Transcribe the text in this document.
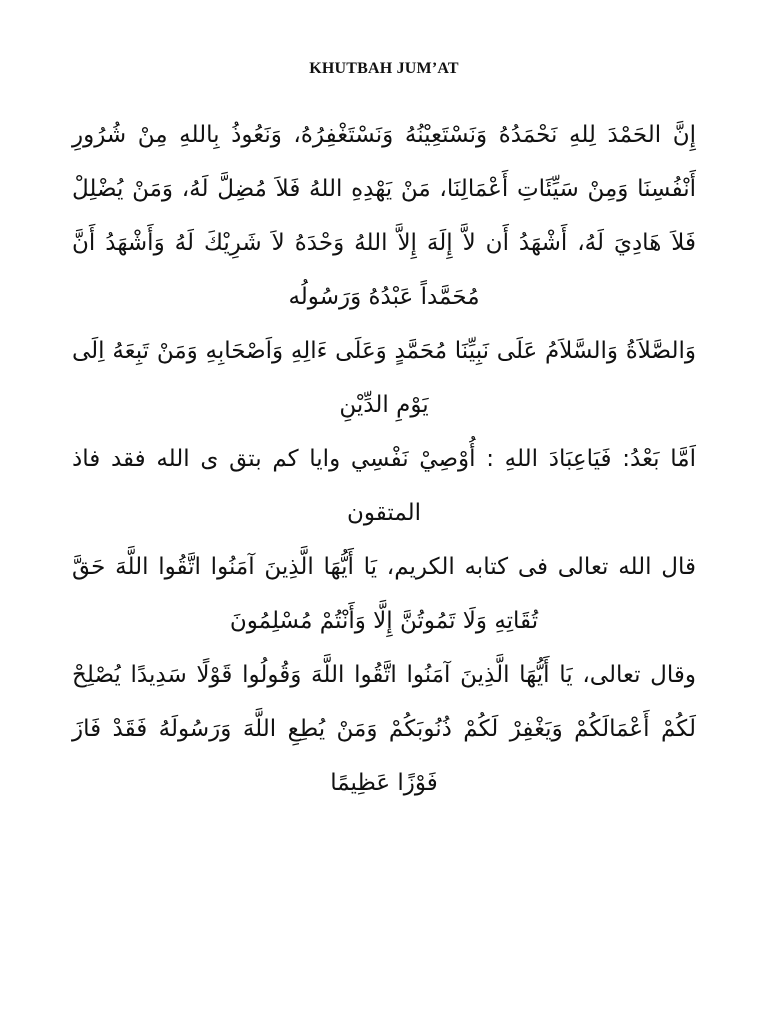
KHUTBAH JUM’AT

إِنَّ الحَمْدَ لِلهِ نَحْمَدُهُ وَنَسْتَعِيْنُهُ وَنَسْتَغْفِرُهُ، وَنَعُوذُ بِاللهِ مِنْ شُرُورِ أَنْفُسِنَا وَمِنْ سَيِّئَاتِ أَعْمَالِنَا، مَنْ يَهْدِهِ اللهُ فَلاَ مُضِلَّ لَهُ، وَمَنْ يُضْلِلْ فَلاَ هَادِيَ لَهُ، أَشْهَدُ أَن لاَّ إِلَهَ إِلاَّ اللهُ وَحْدَهُ لاَ شَرِيْكَ لَهُ وَأَشْهَدُ أَنَّ مُحَمَّداً عَبْدُهُ وَرَسُولُه

وَالصَّلاَةُ وَالسَّلاَمُ عَلَى نَبِيِّنَا مُحَمَّدٍ وَعَلَى ءَالِهِ وَاَصْحَابِهِ وَمَنْ تَبِعَهُ اِلَى يَوْمِ الدِّيْنِ

اَمَّا بَعْدُ: فَيَاعِبَادَ اللهِ : أُوْصِيْ نَفْسِي وايا كم بتق ى الله فقد فاذ المتقون

قال الله تعالى فى كتابه الكريم، يَا أَيُّهَا الَّذِينَ آمَنُوا اتَّقُوا اللَّهَ حَقَّ تُقَاتِهِ وَلَا تَمُوتُنَّ إِلَّا وَأَنْتُمْ مُسْلِمُونَ

وقال تعالى، يَا أَيُّهَا الَّذِينَ آمَنُوا اتَّقُوا اللَّهَ وَقُولُوا قَوْلًا سَدِيدًا يُصْلِحْ لَكُمْ أَعْمَالَكُمْ وَيَغْفِرْ لَكُمْ ذُنُوبَكُمْ وَمَنْ يُطِعِ اللَّهَ وَرَسُولَهُ فَقَدْ فَازَ فَوْزًا عَظِيمًا
